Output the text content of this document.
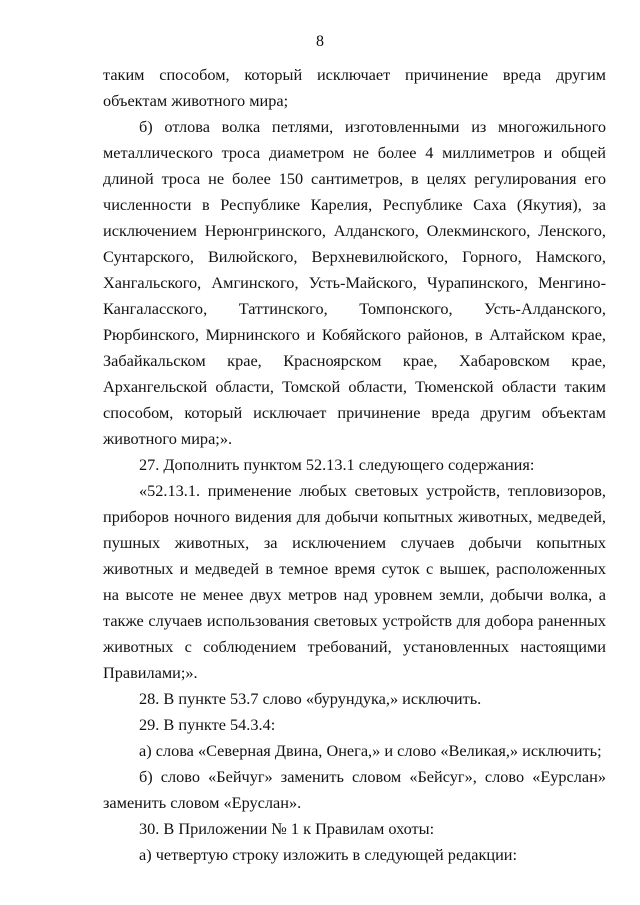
8

таким способом, который исключает причинение вреда другим объектам животного мира;

б) отлова волка петлями, изготовленными из многожильного металлического троса диаметром не более 4 миллиметров и общей длиной троса не более 150 сантиметров, в целях регулирования его численности в Республике Карелия, Республике Саха (Якутия), за исключением Нерюнгринского, Алданского, Олекминского, Ленского, Сунтарского, Вилюйского, Верхневилюйского, Горного, Намского, Хангальского, Амгинского, Усть-Майского, Чурапинского, Менгино-Кангаласского, Таттинского, Томпонского, Усть-Алданского, Рюрбинского, Мирнинского и Кобяйского районов, в Алтайском крае, Забайкальском крае, Красноярском крае, Хабаровском крае, Архангельской области, Томской области, Тюменской области таким способом, который исключает причинение вреда другим объектам животного мира;».

27. Дополнить пунктом 52.13.1 следующего содержания:

«52.13.1. применение любых световых устройств, тепловизоров, приборов ночного видения для добычи копытных животных, медведей, пушных животных, за исключением случаев добычи копытных животных и медведей в темное время суток с вышек, расположенных на высоте не менее двух метров над уровнем земли, добычи волка, а также случаев использования световых устройств для добора раненных животных с соблюдением требований, установленных настоящими Правилами;».

28. В пункте 53.7 слово «бурундука,» исключить.

29. В пункте 54.3.4:

а) слова «Северная Двина, Онега,» и слово «Великая,» исключить;

б) слово «Бейчуг» заменить словом «Бейсуг», слово «Еурслан» заменить словом «Еруслан».

30. В Приложении № 1 к Правилам охоты:

а) четвертую строку изложить в следующей редакции:
